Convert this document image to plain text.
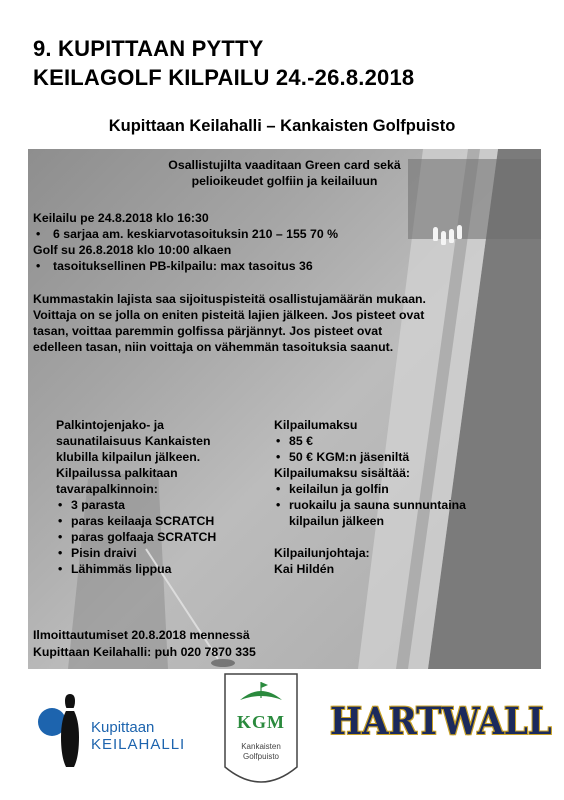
9. KUPITTAAN PYTTY
KEILAGOLF KILPAILU 24.-26.8.2018
Kupittaan Keilahalli – Kankaisten Golfpuisto
Osallistujilta vaaditaan Green card sekä
pelioikeudet golfiin ja keilailuun
Keilailu pe 24.8.2018 klo 16:30
• 6 sarjaa am. keskiarvotasoituksin 210 – 155 70 %
Golf su 26.8.2018 klo 10:00 alkaen
• tasoituksellinen PB-kilpailu: max tasoitus 36
Kummastakin lajista saa sijoituspisteitä osallistujamäärän mukaan.
Voittaja on se jolla on eniten pisteitä lajien jälkeen. Jos pisteet ovat
tasan, voittaa paremmin golfissa pärjännyt. Jos pisteet ovat
edelleen tasan, niin voittaja on vähemmän tasoituksia saanut.
Palkintojenjako- ja
saunatilaisuus Kankaisten
klubilla kilpailun jälkeen.
Kilpailussa palkitaan
tavarapalkinnoin:
• 3 parasta
• paras keilaaja SCRATCH
• paras golfaaja SCRATCH
• Pisin draivi
• Lähimmäs lippua
Kilpailumaksu
• 85 €
• 50 € KGM:n jäseniltä
Kilpailumaksu sisältää:
• keilailun ja golfin
• ruokailu ja sauna sunnuntaina
kilpailun jälkeen
Kilpailunjohtaja:
Kai Hildén
Ilmoittautumiset 20.8.2018 mennessä
Kupittaan Keilahalli: puh 020 7870 335
Kupittaan
KEILAHALLI
KGM
Kankaisten
Golfpuisto
HARTWALL
